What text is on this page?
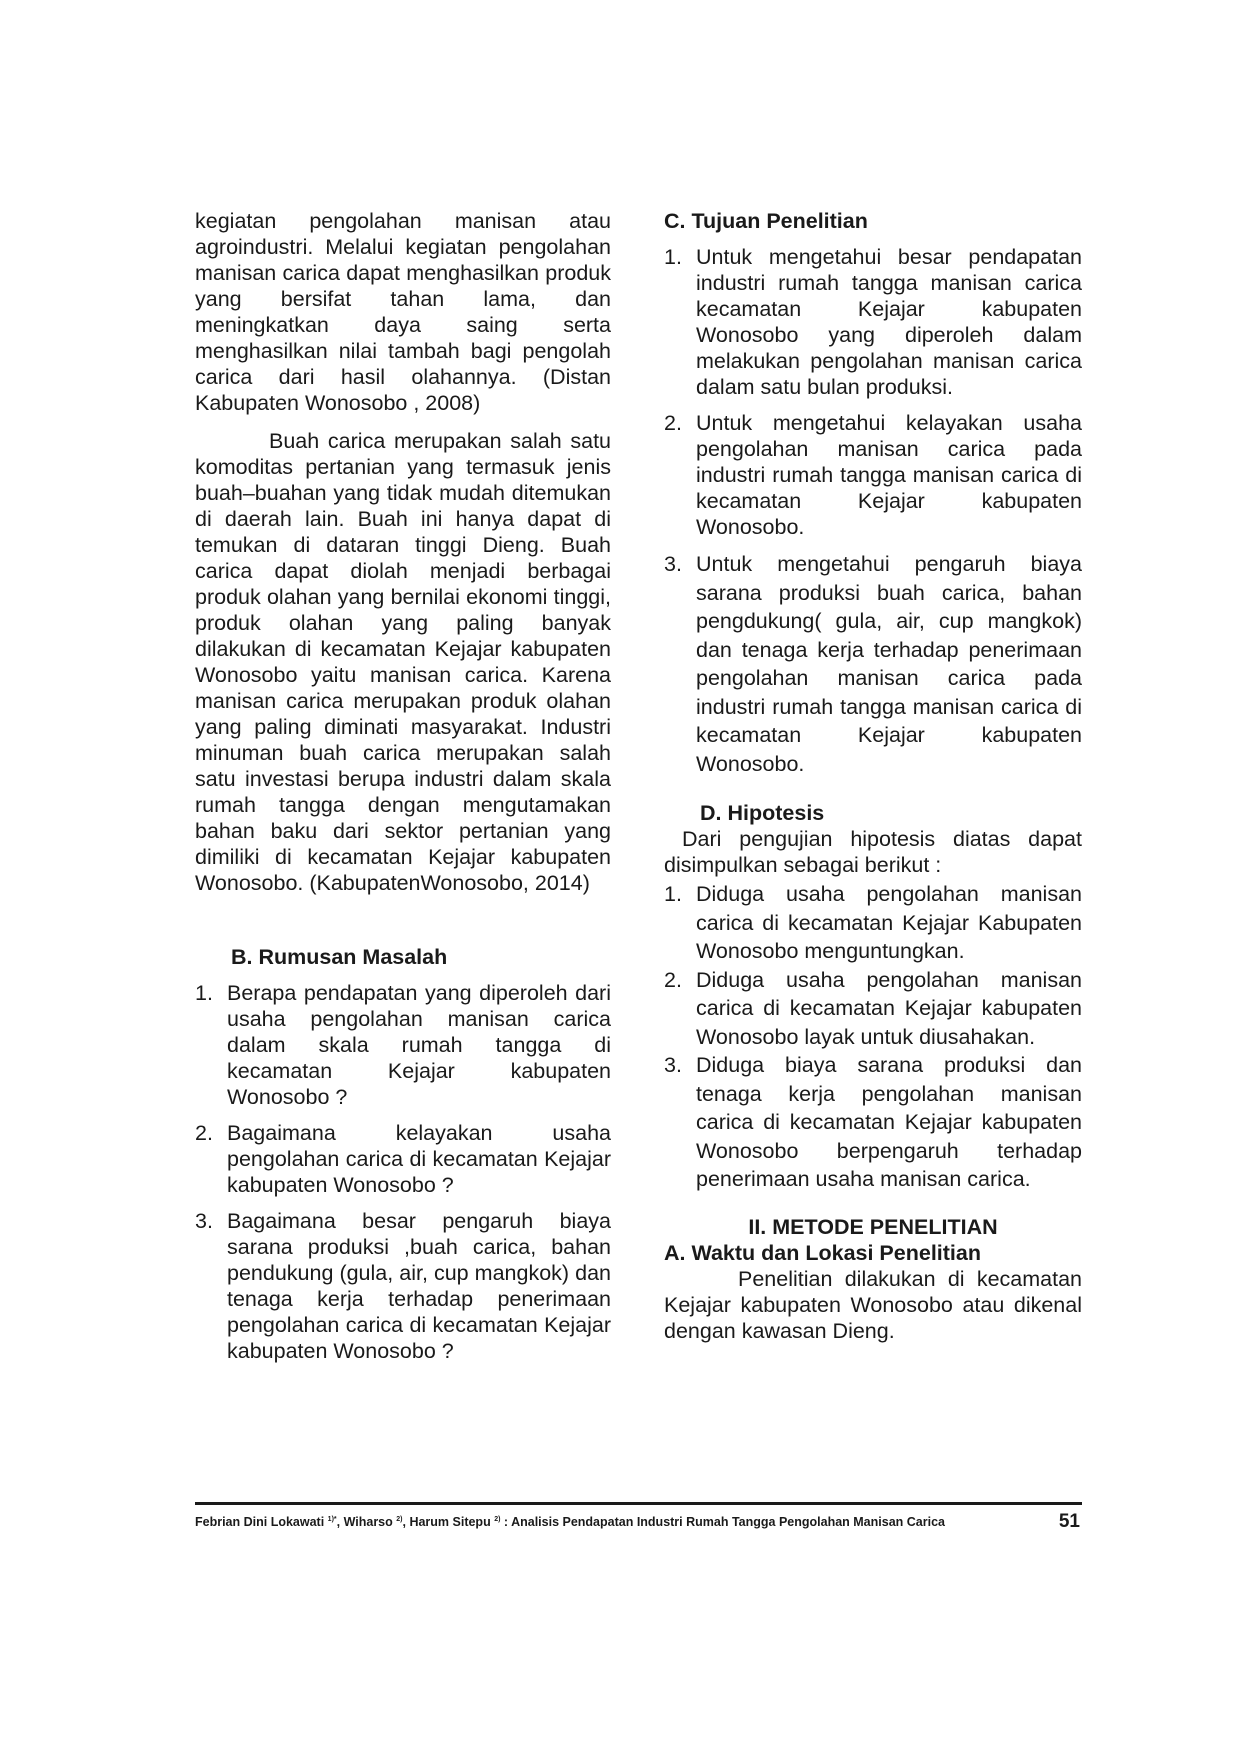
kegiatan pengolahan manisan atau agroindustri. Melalui kegiatan pengolahan manisan carica dapat menghasilkan produk yang bersifat tahan lama, dan meningkatkan daya saing serta menghasilkan nilai tambah bagi pengolah carica dari hasil olahannya. (Distan Kabupaten Wonosobo , 2008)

Buah carica merupakan salah satu komoditas pertanian yang termasuk jenis buah–buahan yang tidak mudah ditemukan di daerah lain. Buah ini hanya dapat di temukan di dataran tinggi Dieng. Buah carica dapat diolah menjadi berbagai produk olahan yang bernilai ekonomi tinggi, produk olahan yang paling banyak dilakukan di kecamatan Kejajar kabupaten Wonosobo yaitu manisan carica. Karena manisan carica merupakan produk olahan yang paling diminati masyarakat. Industri minuman buah carica merupakan salah satu investasi berupa industri dalam skala rumah tangga dengan mengutamakan bahan baku dari sektor pertanian yang dimiliki di kecamatan Kejajar kabupaten Wonosobo. (KabupatenWonosobo, 2014)

B. Rumusan Masalah
1. Berapa pendapatan yang diperoleh dari usaha pengolahan manisan carica dalam skala rumah tangga di kecamatan Kejajar kabupaten Wonosobo ?
2. Bagaimana kelayakan usaha pengolahan carica di kecamatan Kejajar kabupaten Wonosobo ?
3. Bagaimana besar pengaruh biaya sarana produksi ,buah carica, bahan pendukung (gula, air, cup mangkok) dan tenaga kerja terhadap penerimaan pengolahan carica di kecamatan Kejajar kabupaten Wonosobo ?
C. Tujuan Penelitian
1. Untuk mengetahui besar pendapatan industri rumah tangga manisan carica kecamatan Kejajar kabupaten Wonosobo yang diperoleh dalam melakukan pengolahan manisan carica dalam satu bulan produksi.
2. Untuk mengetahui kelayakan usaha pengolahan manisan carica pada industri rumah tangga manisan carica di kecamatan Kejajar kabupaten Wonosobo.
3. Untuk mengetahui pengaruh biaya sarana produksi buah carica, bahan pengdukung( gula, air, cup mangkok) dan tenaga kerja terhadap penerimaan pengolahan manisan carica pada industri rumah tangga manisan carica di kecamatan Kejajar kabupaten Wonosobo.
D. Hipotesis

Dari pengujian hipotesis diatas dapat disimpulkan sebagai berikut :

1. Diduga usaha pengolahan manisan carica di kecamatan Kejajar Kabupaten Wonosobo menguntungkan.
2. Diduga usaha pengolahan manisan carica di kecamatan Kejajar kabupaten Wonosobo layak untuk diusahakan.
3. Diduga biaya sarana produksi dan tenaga kerja pengolahan manisan carica di kecamatan Kejajar kabupaten Wonosobo berpengaruh terhadap penerimaan usaha manisan carica.
II. METODE PENELITIAN
A. Waktu dan Lokasi Penelitian

Penelitian dilakukan di kecamatan Kejajar kabupaten Wonosobo atau dikenal dengan kawasan Dieng.

Febrian Dini Lokawati $^{1)*}$, Wiharso $^{2)}$, Harum Sitepu $^{2)}$ : Analisis Pendapatan Industri Rumah Tangga Pengolahan Manisan Carica	51
